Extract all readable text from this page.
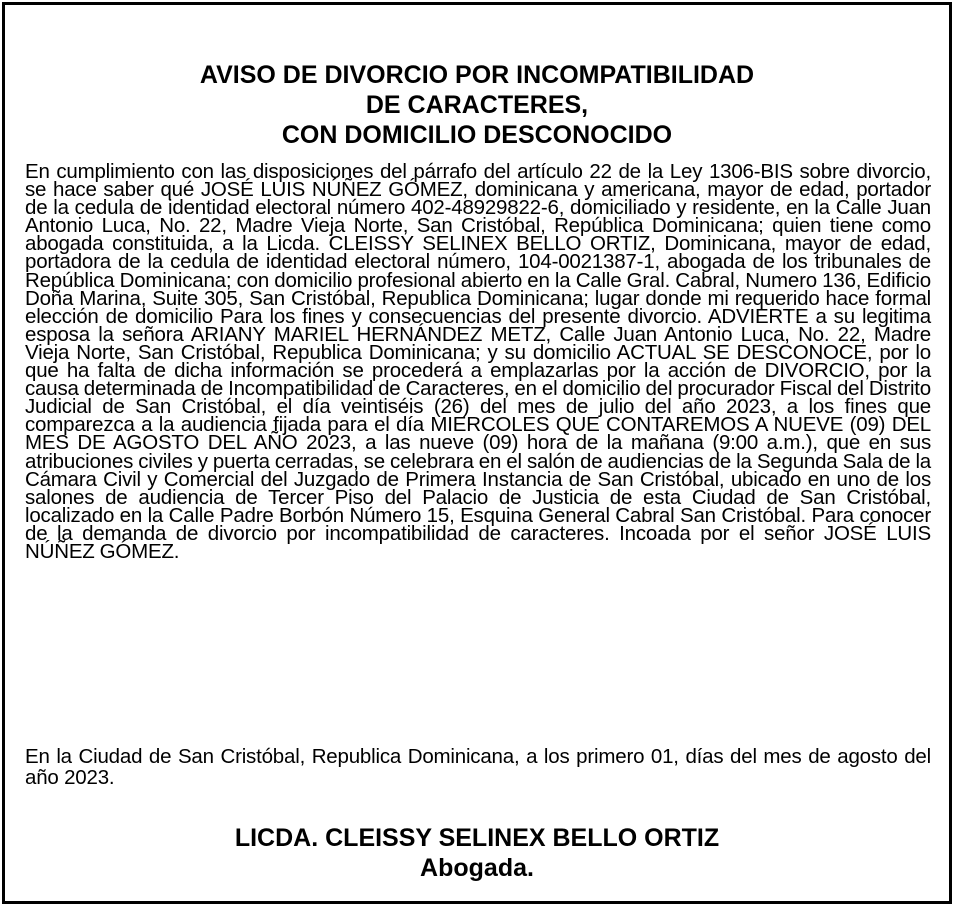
AVISO DE DIVORCIO POR INCOMPATIBILIDAD
DE CARACTERES,
CON DOMICILIO DESCONOCIDO

En cumplimiento con las disposiciones del párrafo del artículo 22 de la Ley 1306-BIS sobre divorcio, se hace saber qué JOSÉ LUIS NÚÑEZ GÓMEZ, dominicana y americana, mayor de edad, portador de la cedula de identidad electoral número 402-48929822-6, domiciliado y residente, en la Calle Juan Antonio Luca, No. 22, Madre Vieja Norte, San Cristóbal, República Dominicana; quien tiene como abogada constituida, a la Licda. CLEISSY SELINEX BELLO ORTIZ, Dominicana, mayor de edad, portadora de la cedula de identidad electoral número, 104-0021387-1, abogada de los tribunales de República Dominicana; con domicilio profesional abierto en la Calle Gral. Cabral, Numero 136, Edificio Doña Marina, Suite 305, San Cristóbal, Republica Dominicana; lugar donde mi requerido hace formal elección de domicilio Para los fines y consecuencias del presente divorcio. ADVIERTE a su legitima esposa la señora ARIANY MARIEL HERNÁNDEZ METZ, Calle Juan Antonio Luca, No. 22, Madre Vieja Norte, San Cristóbal, Republica Dominicana; y su domicilio ACTUAL SE DESCONOCE, por lo que ha falta de dicha información se procederá a emplazarlas por la acción de DIVORCIO, por la causa determinada de Incompatibilidad de Caracteres, en el domicilio del procurador Fiscal del Distrito Judicial de San Cristóbal, el día veintiséis (26) del mes de julio del año 2023, a los fines que comparezca a la audiencia fijada para el día MIERCOLES QUE CONTAREMOS A NUEVE (09) DEL MES DE AGOSTO DEL AÑO 2023, a las nueve (09) hora de la mañana (9:00 a.m.), que en sus atribuciones civiles y puerta cerradas, se celebrara en el salón de audiencias de la Segunda Sala de la Cámara Civil y Comercial del Juzgado de Primera Instancia de San Cristóbal, ubicado en uno de los salones de audiencia de Tercer Piso del Palacio de Justicia de esta Ciudad de San Cristóbal, localizado en la Calle Padre Borbón Número 15, Esquina General Cabral San Cristóbal. Para conocer de la demanda de divorcio por incompatibilidad de caracteres. Incoada por el señor JOSÉ LUIS NÚÑEZ GÓMEZ.

En la Ciudad de San Cristóbal, Republica Dominicana, a los primero 01, días del mes de agosto del año 2023.

LICDA. CLEISSY SELINEX BELLO ORTIZ
Abogada.
